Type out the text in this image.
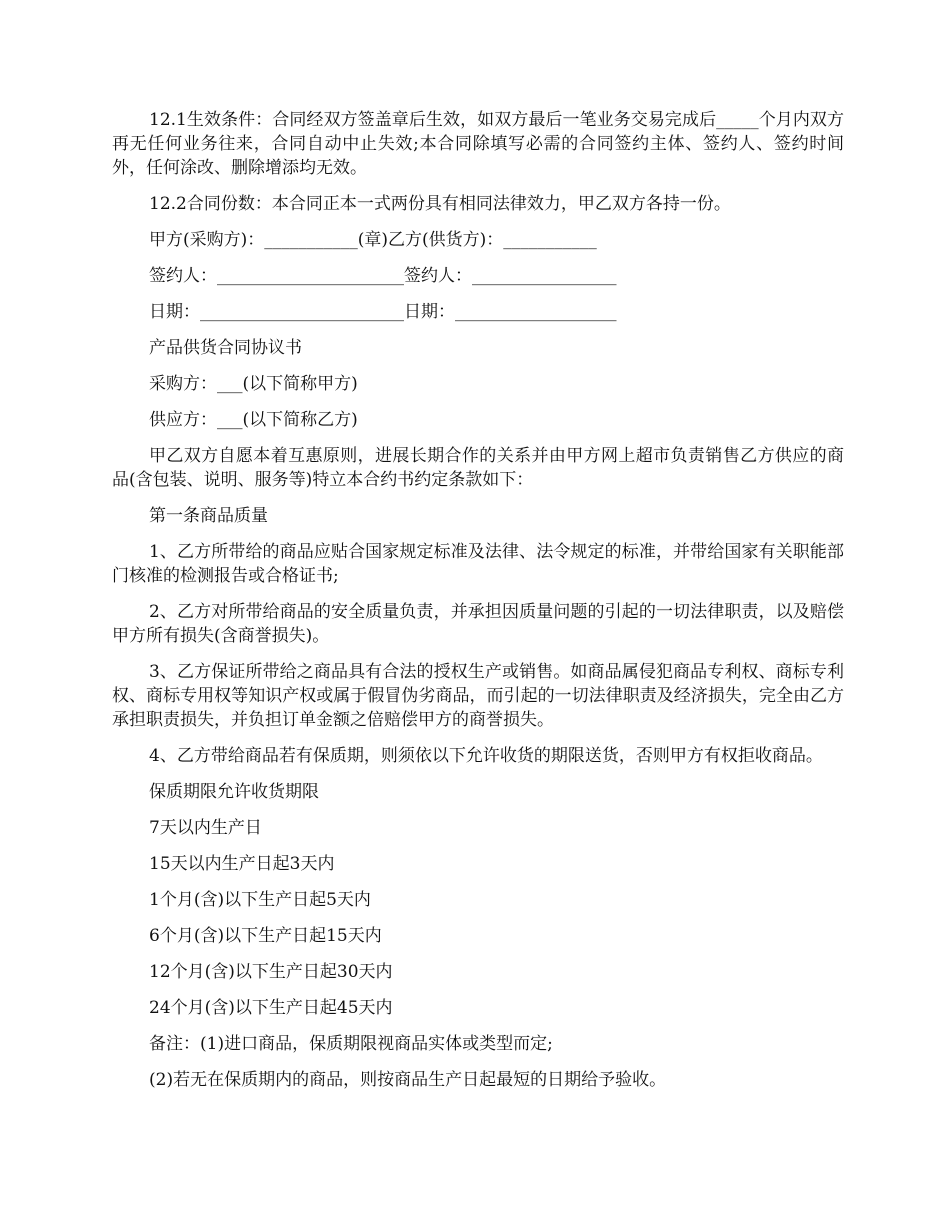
12.1生效条件：合同经双方签盖章后生效，如双方最后一笔业务交易完成后_____个月内双方再无任何业务往来，合同自动中止失效;本合同除填写必需的合同签约主体、签约人、签约时间外，任何涂改、删除增添均无效。

12.2合同份数：本合同正本一式两份具有相同法律效力，甲乙双方各持一份。

甲方(采购方)：___________(章)乙方(供货方)：___________
签约人：______________________签约人：_________________
日期：________________________日期：___________________
产品供货合同协议书
采购方：___(以下简称甲方)
供应方：___(以下简称乙方)

甲乙双方自愿本着互惠原则，进展长期合作的关系并由甲方网上超市负责销售乙方供应的商品(含包装、说明、服务等)特立本合约书约定条款如下：

第一条商品质量

1、乙方所带给的商品应贴合国家规定标准及法律、法令规定的标准，并带给国家有关职能部门核准的检测报告或合格证书;

2、乙方对所带给商品的安全质量负责，并承担因质量问题的引起的一切法律职责，以及赔偿甲方所有损失(含商誉损失)。

3、乙方保证所带给之商品具有合法的授权生产或销售。如商品属侵犯商品专利权、商标专利权、商标专用权等知识产权或属于假冒伪劣商品，而引起的一切法律职责及经济损失，完全由乙方承担职责损失，并负担订单金额之倍赔偿甲方的商誉损失。

4、乙方带给商品若有保质期，则须依以下允许收货的期限送货，否则甲方有权拒收商品。

保质期限允许收货期限
7天以内生产日
15天以内生产日起3天内
1个月(含)以下生产日起5天内
6个月(含)以下生产日起15天内
12个月(含)以下生产日起30天内
24个月(含)以下生产日起45天内
备注：(1)进口商品，保质期限视商品实体或类型而定;
(2)若无在保质期内的商品，则按商品生产日起最短的日期给予验收。
